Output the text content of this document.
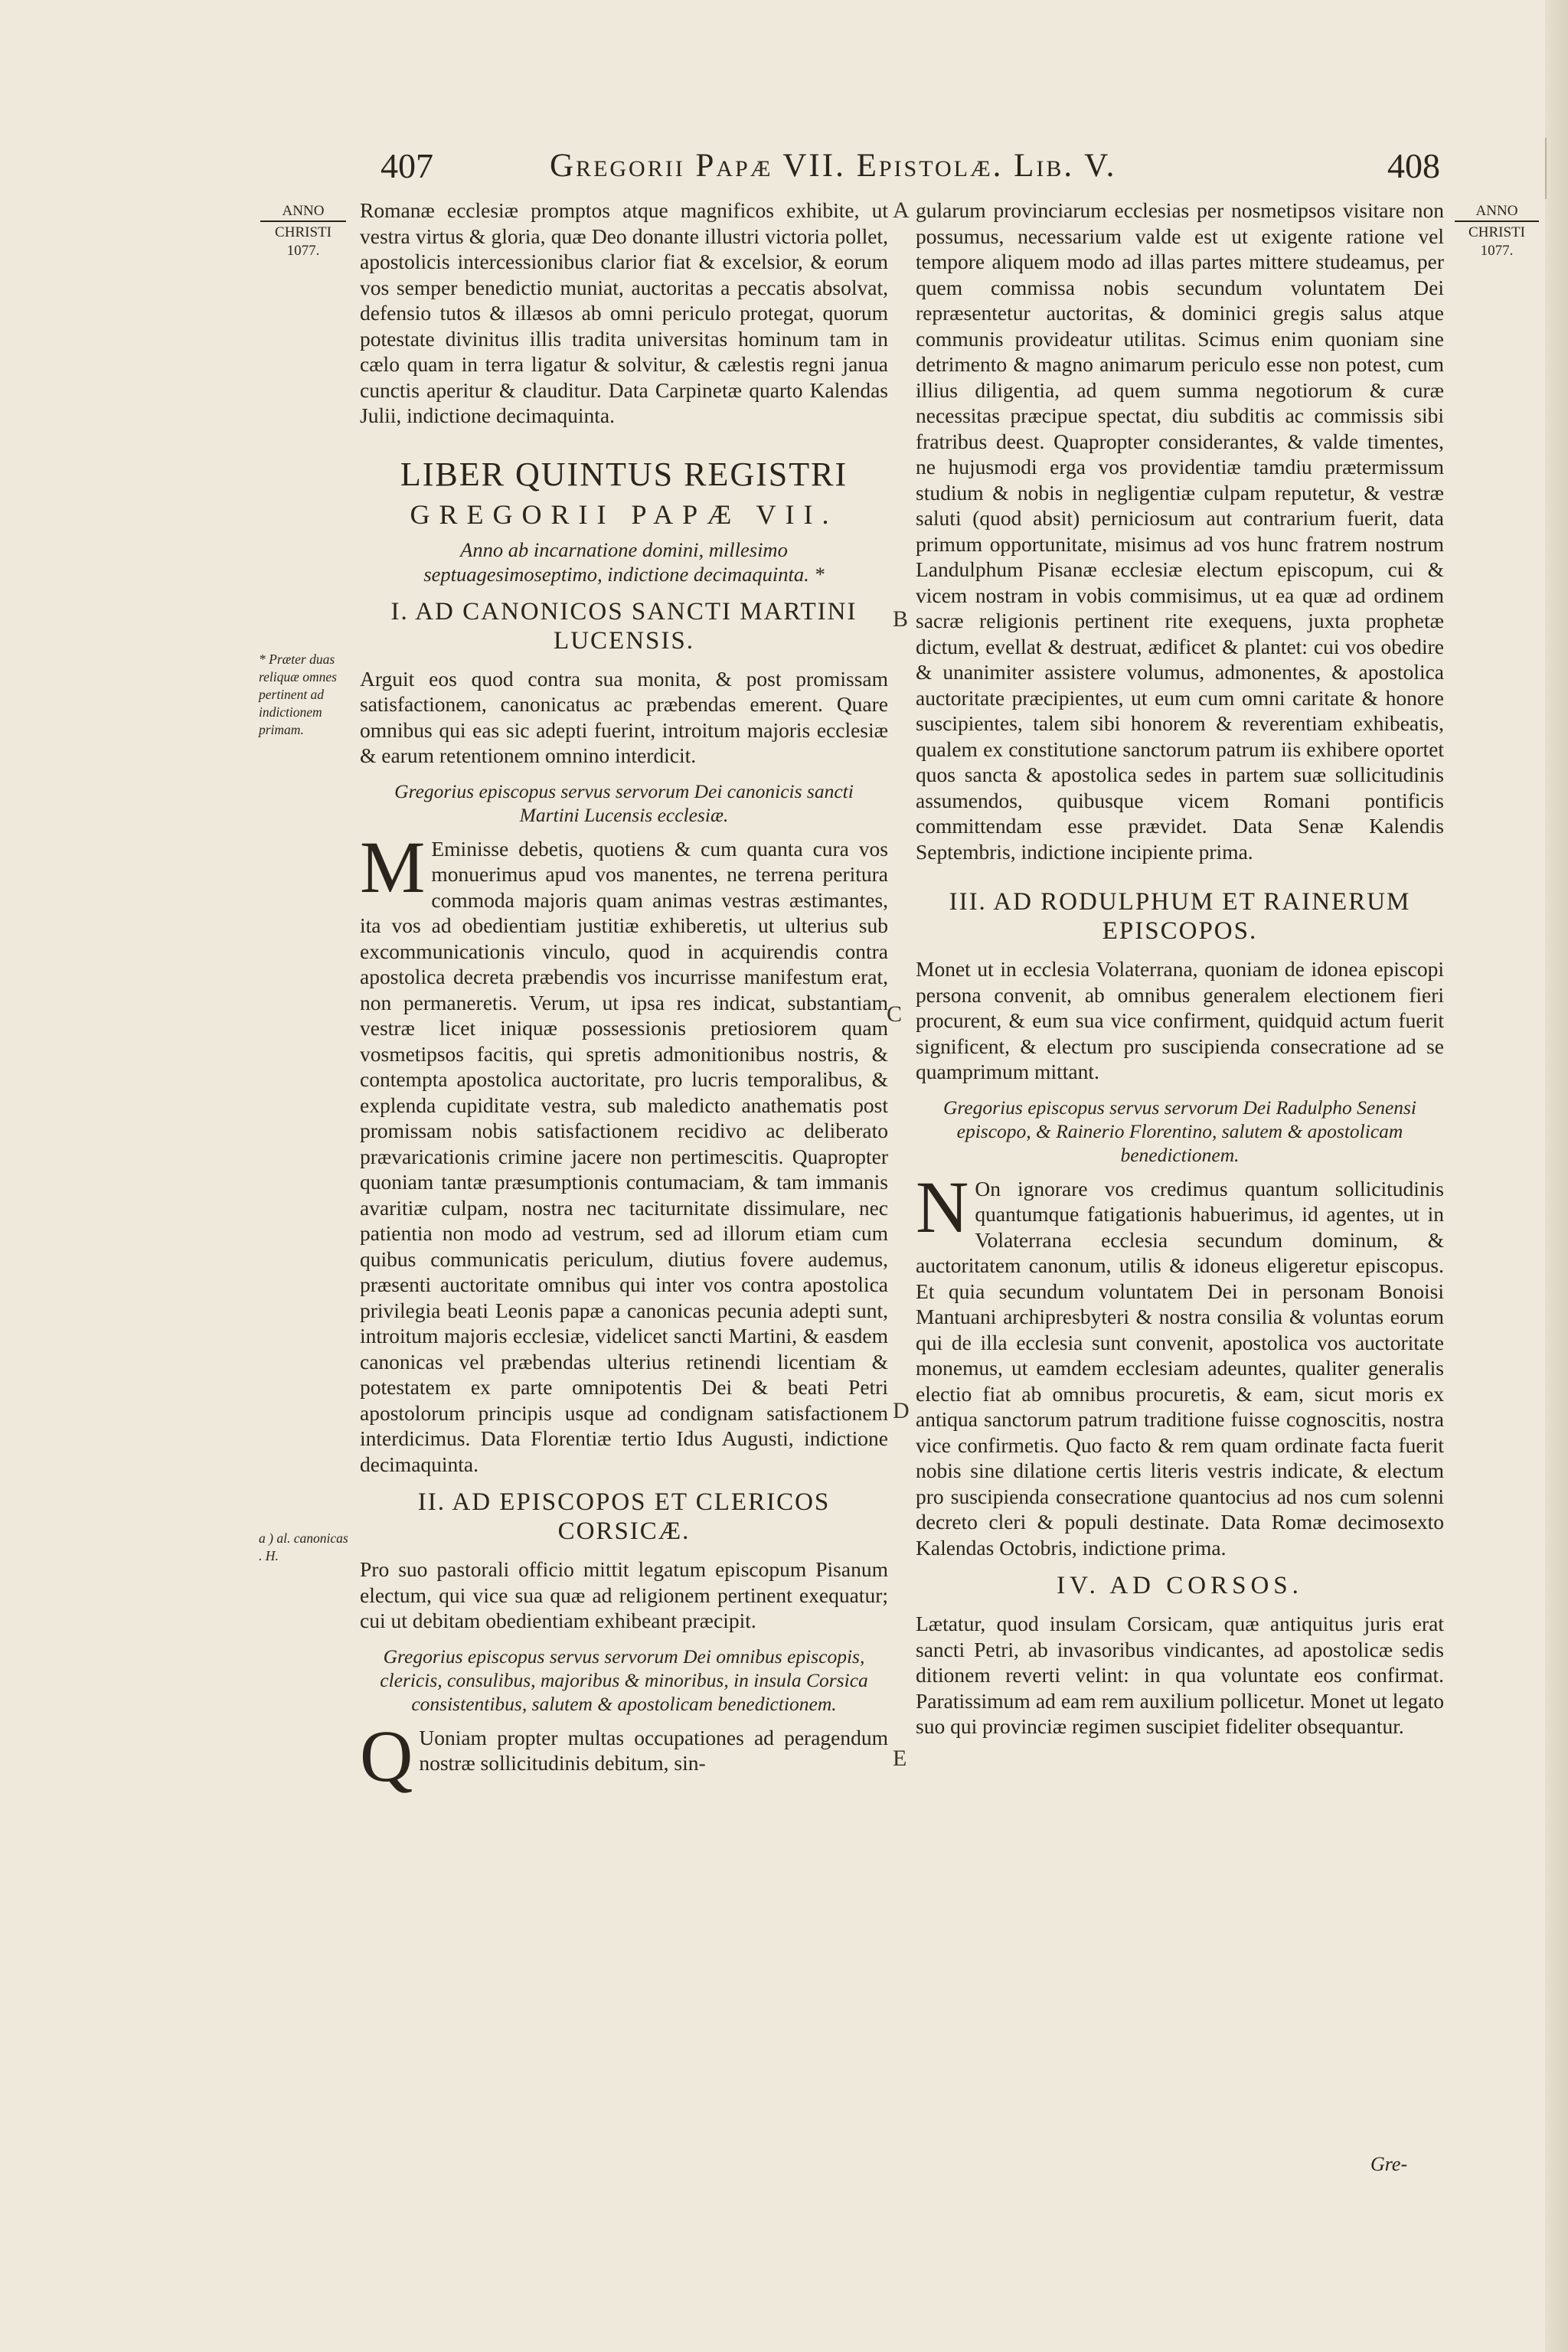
407	Gregorii Papæ VII. Epistolæ. Lib. V.	408
ANNO
CHRISTI
1077.
ANNO
CHRISTI
1077.
* Præter duas reliquæ omnes pertinent ad indictionem primam.
a ) al. canonicas . H.
A
B
C
D
E

Romanæ ecclesiæ promptos atque magnificos exhibite, ut vestra virtus & gloria, quæ Deo donante illustri victoria pollet, apostolicis intercessionibus clarior fiat & excelsior, & eorum vos semper benedictio muniat, auctoritas a peccatis absolvat, defensio tutos & illæsos ab omni periculo protegat, quorum potestate divinitus illis tradita universitas hominum tam in cælo quam in terra ligatur & solvitur, & cælestis regni janua cunctis aperitur & clauditur. Data Carpinetæ quarto Kalendas Julii, indictione decimaquinta.

LIBER QUINTUS REGISTRI
GREGORII PAPÆ VII.
Anno ab incarnatione domini, millesimo septuagesimoseptimo, indictione decimaquinta. *
I. AD CANONICOS SANCTI MARTINI LUCENSIS.

Arguit eos quod contra sua monita, & post promissam satisfactionem, canonicatus ac præbendas emerent. Quare omnibus qui eas sic adepti fuerint, introitum majoris ecclesiæ & earum retentionem omnino interdicit.

Gregorius episcopus servus servorum Dei canonicis sancti Martini Lucensis ecclesiæ.
M Eminisse debetis, quotiens & cum quanta cura vos monuerimus apud vos manentes, ne terrena peritura commoda majoris quam animas vestras æstimantes, ita vos ad obedientiam justitiæ exhiberetis, ut ulterius sub excommunicationis vinculo, quod in acquirendis contra apostolica decreta præbendis vos incurrisse manifestum erat, non permaneretis. Verum, ut ipsa res indicat, substantiam vestræ licet iniquæ possessionis pretiosiorem quam vosmetipsos facitis, qui spretis admonitionibus nostris, & contempta apostolica auctoritate, pro lucris temporalibus, & explenda cupiditate vestra, sub maledicto anathematis post promissam nobis satisfactionem recidivo ac deliberato prævaricationis crimine jacere non pertimescitis. Quapropter quoniam tantæ præsumptionis contumaciam, & tam immanis avaritiæ culpam, nostra nec taciturnitate dissimulare, nec patientia non modo ad vestrum, sed ad illorum etiam cum quibus communicatis periculum, diutius fovere audemus, præsenti auctoritate omnibus qui inter vos contra apostolica privilegia beati Leonis papæ a canonicas pecunia adepti sunt, introitum majoris ecclesiæ, videlicet sancti Martini, & easdem canonicas vel præbendas ulterius retinendi licentiam & potestatem ex parte omnipotentis Dei & beati Petri apostolorum principis usque ad condignam satisfactionem interdicimus. Data Florentiæ tertio Idus Augusti, indictione decimaquinta.
II. AD EPISCOPOS ET CLERICOS CORSICÆ.

Pro suo pastorali officio mittit legatum episcopum Pisanum electum, qui vice sua quæ ad religionem pertinent exequatur; cui ut debitam obedientiam exhibeant præcipit.

Gregorius episcopus servus servorum Dei omnibus episcopis, clericis, consulibus, majoribus & minoribus, in insula Corsica consistentibus, salutem & apostolicam benedictionem.
Q Uoniam propter multas occupationes ad peragendum nostræ sollicitudinis debitum, sin-

gularum provinciarum ecclesias per nosmetipsos visitare non possumus, necessarium valde est ut exigente ratione vel tempore aliquem modo ad illas partes mittere studeamus, per quem commissa nobis secundum voluntatem Dei repræsentetur auctoritas, & dominici gregis salus atque communis provideatur utilitas. Scimus enim quoniam sine detrimento & magno animarum periculo esse non potest, cum illius diligentia, ad quem summa negotiorum & curæ necessitas præcipue spectat, diu subditis ac commissis sibi fratribus deest. Quapropter considerantes, & valde timentes, ne hujusmodi erga vos providentiæ tamdiu prætermissum studium & nobis in negligentiæ culpam reputetur, & vestræ saluti (quod absit) perniciosum aut contrarium fuerit, data primum opportunitate, misimus ad vos hunc fratrem nostrum Landulphum Pisanæ ecclesiæ electum episcopum, cui & vicem nostram in vobis commisimus, ut ea quæ ad ordinem sacræ religionis pertinent rite exequens, juxta prophetæ dictum, evellat & destruat, ædificet & plantet: cui vos obedire & unanimiter assistere volumus, admonentes, & apostolica auctoritate præcipientes, ut eum cum omni caritate & honore suscipientes, talem sibi honorem & reverentiam exhibeatis, qualem ex constitutione sanctorum patrum iis exhibere oportet quos sancta & apostolica sedes in partem suæ sollicitudinis assumendos, quibusque vicem Romani pontificis committendam esse prævidet. Data Senæ Kalendis Septembris, indictione incipiente prima.

III. AD RODULPHUM ET RAINERUM EPISCOPOS.

Monet ut in ecclesia Volaterrana, quoniam de idonea episcopi persona convenit, ab omnibus generalem electionem fieri procurent, & eum sua vice confirment, quidquid actum fuerit significent, & electum pro suscipienda consecratione ad se quamprimum mittant.

Gregorius episcopus servus servorum Dei Radulpho Senensi episcopo, & Rainerio Florentino, salutem & apostolicam benedictionem.
N On ignorare vos credimus quantum sollicitudinis quantumque fatigationis habuerimus, id agentes, ut in Volaterrana ecclesia secundum dominum, & auctoritatem canonum, utilis & idoneus eligeretur episcopus. Et quia secundum voluntatem Dei in personam Bonoisi Mantuani archipresbyteri & nostra consilia & voluntas eorum qui de illa ecclesia sunt convenit, apostolica vos auctoritate monemus, ut eamdem ecclesiam adeuntes, qualiter generalis electio fiat ab omnibus procuretis, & eam, sicut moris ex antiqua sanctorum patrum traditione fuisse cognoscitis, nostra vice confirmetis. Quo facto & rem quam ordinate facta fuerit nobis sine dilatione certis literis vestris indicate, & electum pro suscipienda consecratione quantocius ad nos cum solenni decreto cleri & populi destinate. Data Romæ decimosexto Kalendas Octobris, indictione prima.
IV. AD CORSOS.

Lætatur, quod insulam Corsicam, quæ antiquitus juris erat sancti Petri, ab invasoribus vindicantes, ad apostolicæ sedis ditionem reverti velint: in qua voluntate eos confirmat. Paratissimum ad eam rem auxilium pollicetur. Monet ut legato suo qui provinciæ regimen suscipiet fideliter obsequantur.

Gre-
